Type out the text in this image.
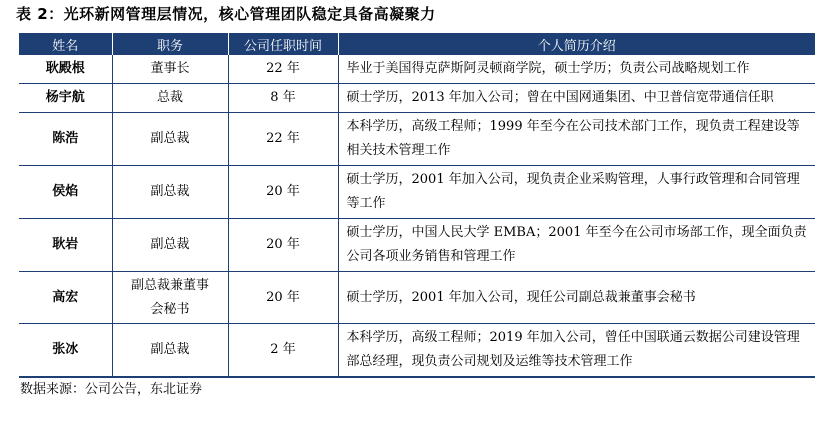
表 2：光环新网管理层情况，核心管理团队稳定具备高凝聚力
姓名	职务	公司任职时间	个人简历介绍
耿殿根	董事长	22 年	毕业于美国得克萨斯阿灵顿商学院，硕士学历；负责公司战略规划工作
杨宇航	总裁	8 年	硕士学历，2013 年加入公司；曾在中国网通集团、中卫普信宽带通信任职
陈浩	副总裁	22 年	本科学历，高级工程师；1999 年至今在公司技术部门工作，现负责工程建设等相关技术管理工作
侯焰	副总裁	20 年	硕士学历，2001 年加入公司，现负责企业采购管理，人事行政管理和合同管理等工作
耿岩	副总裁	20 年	硕士学历，中国人民大学 EMBA；2001 年至今在公司市场部工作，现全面负责公司各项业务销售和管理工作
高宏	副总裁兼董事会秘书	20 年	硕士学历，2001 年加入公司，现任公司副总裁兼董事会秘书
张冰	副总裁	2 年	本科学历，高级工程师；2019 年加入公司，曾任中国联通云数据公司建设管理部总经理，现负责公司规划及运维等技术管理工作
数据来源：公司公告，东北证券
